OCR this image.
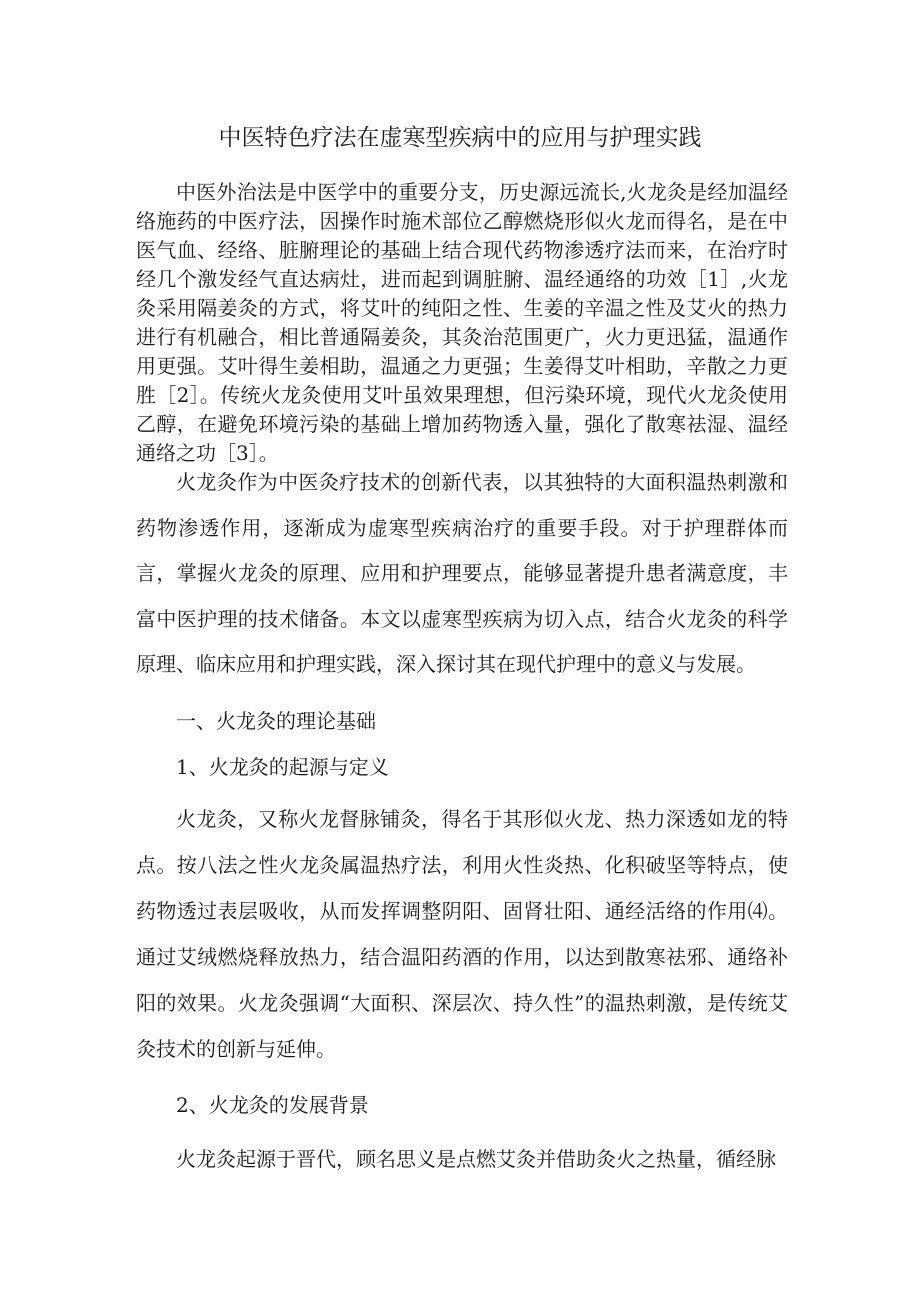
中医特色疗法在虚寒型疾病中的应用与护理实践

中医外治法是中医学中的重要分支，历史源远流长,火龙灸是经加温经络施药的中医疗法，因操作时施术部位乙醇燃烧形似火龙而得名，是在中医气血、经络、脏腑理论的基础上结合现代药物渗透疗法而来，在治疗时经几个激发经气直达病灶，进而起到调脏腑、温经通络的功效［1］,火龙灸采用隔姜灸的方式，将艾叶的纯阳之性、生姜的辛温之性及艾火的热力进行有机融合，相比普通隔姜灸，其灸治范围更广，火力更迅猛，温通作用更强。艾叶得生姜相助，温通之力更强；生姜得艾叶相助，辛散之力更胜［2］。传统火龙灸使用艾叶虽效果理想，但污染环境，现代火龙灸使用乙醇，在避免环境污染的基础上增加药物透入量，强化了散寒祛湿、温经通络之功［3］。

火龙灸作为中医灸疗技术的创新代表，以其独特的大面积温热刺激和药物渗透作用，逐渐成为虚寒型疾病治疗的重要手段。对于护理群体而言，掌握火龙灸的原理、应用和护理要点，能够显著提升患者满意度，丰富中医护理的技术储备。本文以虚寒型疾病为切入点，结合火龙灸的科学原理、临床应用和护理实践，深入探讨其在现代护理中的意义与发展。

一、火龙灸的理论基础
1、火龙灸的起源与定义

火龙灸，又称火龙督脉铺灸，得名于其形似火龙、热力深透如龙的特点。按八法之性火龙灸属温热疗法，利用火性炎热、化积破坚等特点，使药物透过表层吸收，从而发挥调整阴阳、固肾壮阳、通经活络的作用⑷。通过艾绒燃烧释放热力，结合温阳药酒的作用，以达到散寒祛邪、通络补阳的效果。火龙灸强调“大面积、深层次、持久性”的温热刺激，是传统艾灸技术的创新与延伸。

2、火龙灸的发展背景

火龙灸起源于晋代，顾名思义是点燃艾灸并借助灸火之热量，循经脉
